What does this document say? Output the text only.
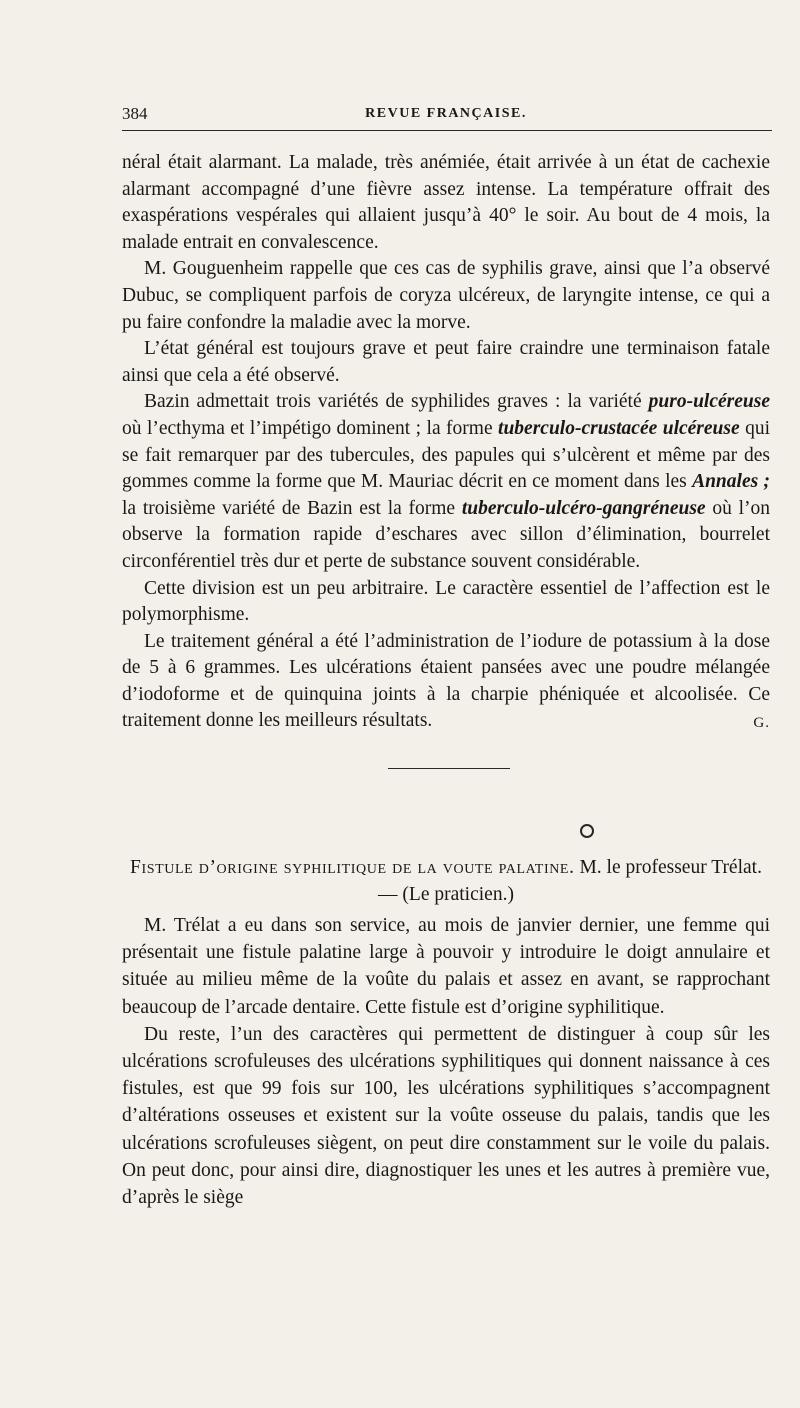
384	REVUE FRANÇAISE.

néral était alarmant. La malade, très anémiée, était arrivée à un état de cachexie alarmant accompagné d’une fièvre assez intense. La température offrait des exaspérations vespérales qui allaient jusqu’à 40° le soir. Au bout de 4 mois, la malade entrait en convalescence.

M. Gouguenheim rappelle que ces cas de syphilis grave, ainsi que l’a observé Dubuc, se compliquent parfois de coryza ulcéreux, de laryngite intense, ce qui a pu faire confondre la maladie avec la morve.

L’état général est toujours grave et peut faire craindre une terminaison fatale ainsi que cela a été observé.

Bazin admettait trois variétés de syphilides graves : la variété puro-ulcéreuse où l’ecthyma et l’impétigo dominent ; la forme tuberculo-crustacée ulcéreuse qui se fait remarquer par des tubercules, des papules qui s’ulcèrent et même par des gommes comme la forme que M. Mauriac décrit en ce moment dans les Annales ; la troisième variété de Bazin est la forme tuberculo-ulcéro-gangréneuse où l’on observe la formation rapide d’eschares avec sillon d’élimination, bourrelet circonférentiel très dur et perte de substance souvent considérable.

Cette division est un peu arbitraire. Le caractère essentiel de l’affection est le polymorphisme.

Le traitement général a été l’administration de l’iodure de potassium à la dose de 5 à 6 grammes. Les ulcérations étaient pansées avec une poudre mélangée d’iodoforme et de quinquina joints à la charpie phéniquée et alcoolisée. Ce traitement donne les meilleurs résultats.	G.

Fistule d’origine syphilitique de la voute palatine. M. le professeur Trélat. — (Le praticien.)

M. Trélat a eu dans son service, au mois de janvier dernier, une femme qui présentait une fistule palatine large à pouvoir y introduire le doigt annulaire et située au milieu même de la voûte du palais et assez en avant, se rapprochant beaucoup de l’arcade dentaire. Cette fistule est d’origine syphilitique.

Du reste, l’un des caractères qui permettent de distinguer à coup sûr les ulcérations scrofuleuses des ulcérations syphilitiques qui donnent naissance à ces fistules, est que 99 fois sur 100, les ulcérations syphilitiques s’accompagnent d’altérations osseuses et existent sur la voûte osseuse du palais, tandis que les ulcérations scrofuleuses siègent, on peut dire constamment sur le voile du palais. On peut donc, pour ainsi dire, diagnostiquer les unes et les autres à première vue, d’après le siège
